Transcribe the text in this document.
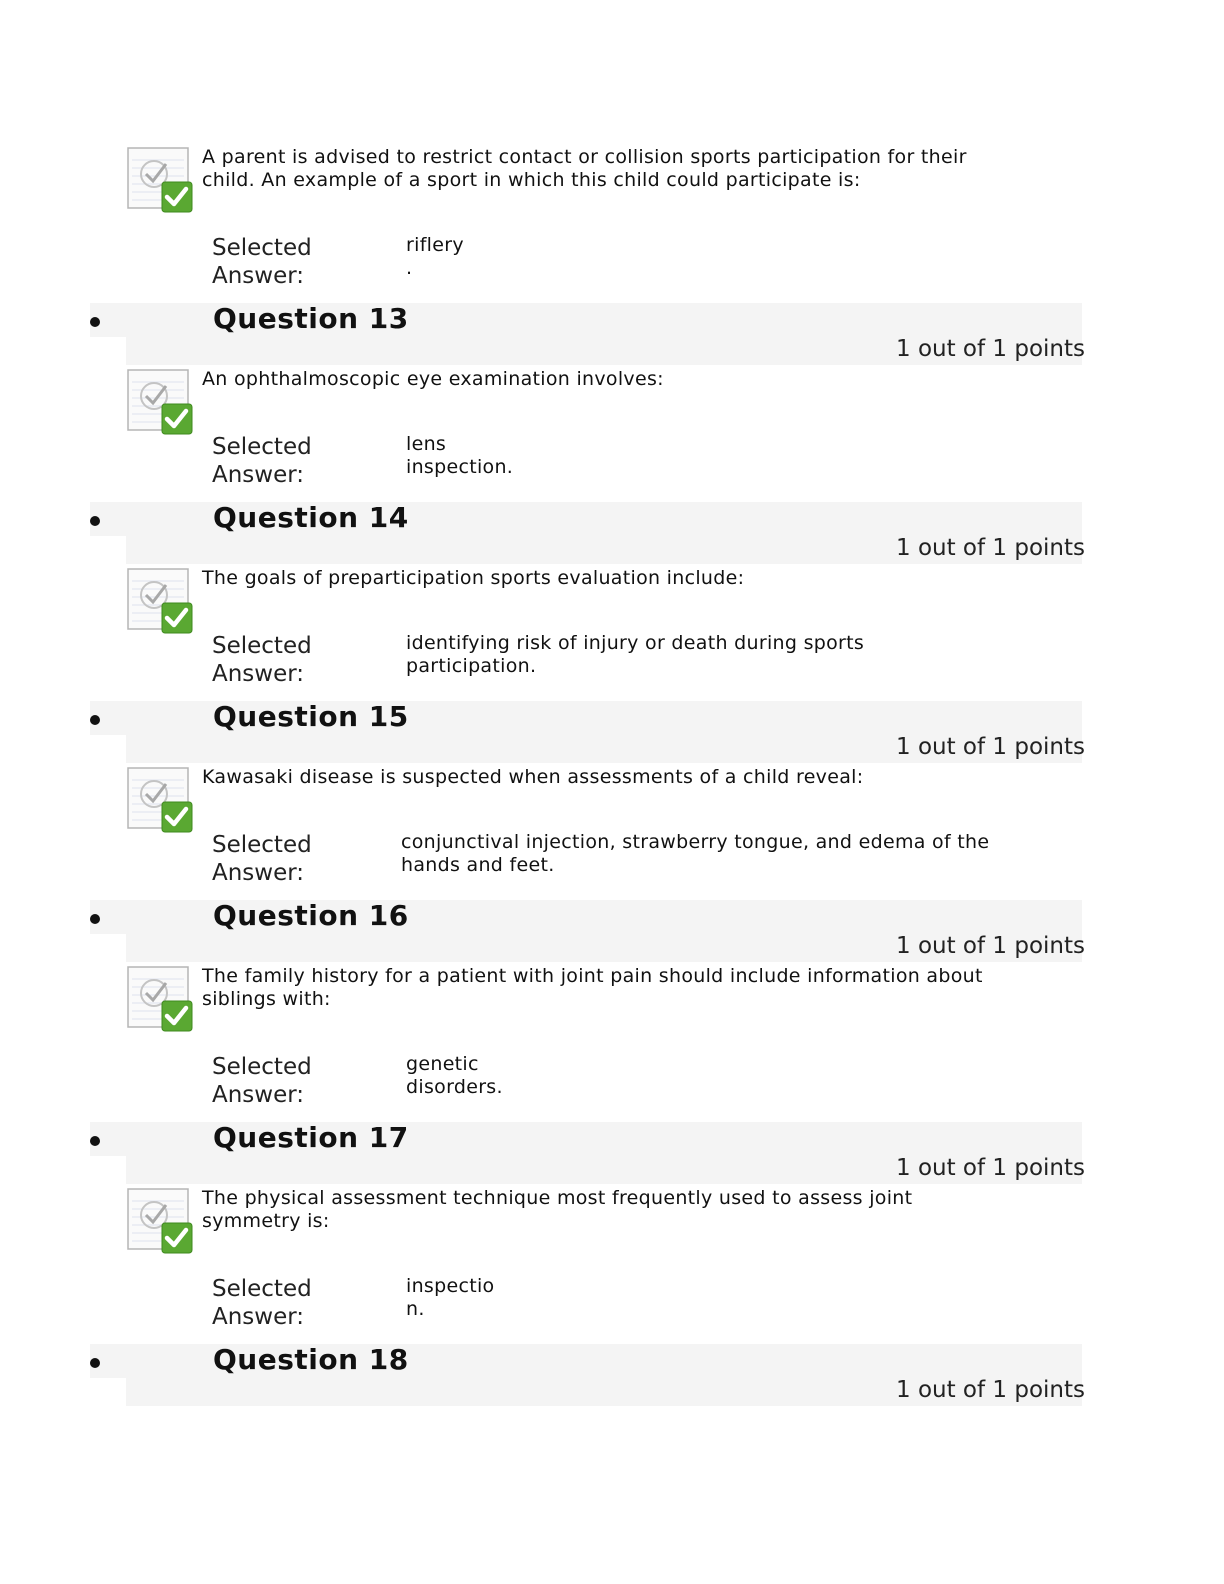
A parent is advised to restrict contact or collision sports participation for their child. An example of a sport in which this child could participate is:
Selected Answer:
riflery
.
Question 13
1 out of 1 points
An ophthalmoscopic eye examination involves:
Selected Answer:
lens
inspection.
Question 14
1 out of 1 points
The goals of preparticipation sports evaluation include:
Selected Answer:
identifying risk of injury or death during sports
participation.
Question 15
1 out of 1 points
Kawasaki disease is suspected when assessments of a child reveal:
Selected Answer:
conjunctival injection, strawberry tongue, and edema of the
hands and feet.
Question 16
1 out of 1 points
The family history for a patient with joint pain should include information about siblings with:
Selected Answer:
genetic
disorders.
Question 17
1 out of 1 points
The physical assessment technique most frequently used to assess joint symmetry is:
Selected Answer:
inspectio
n.
Question 18
1 out of 1 points
